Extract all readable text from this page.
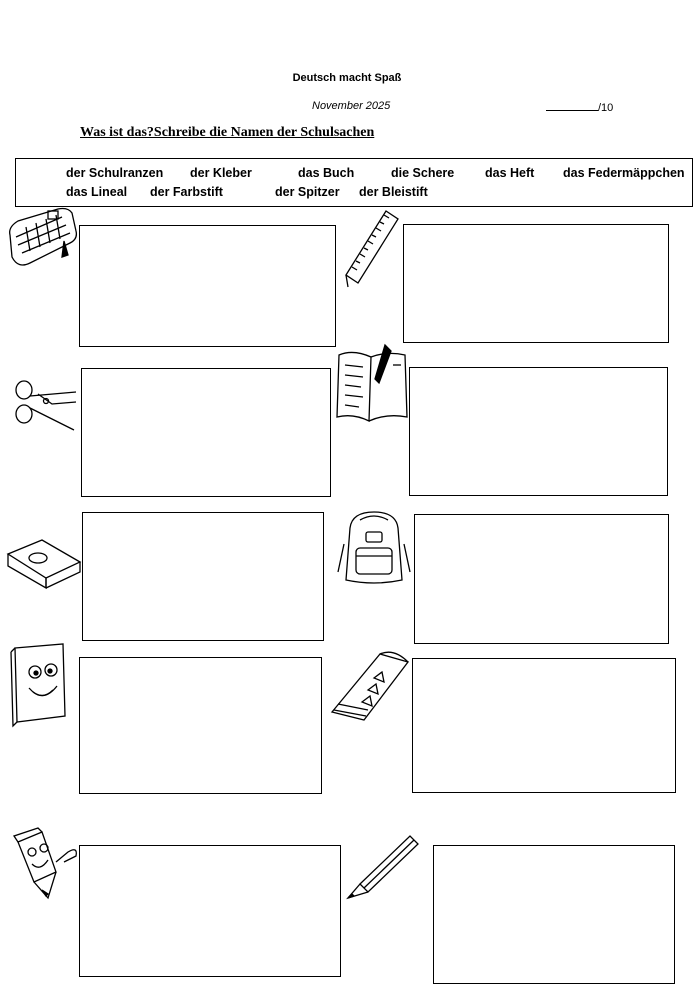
Deutsch macht Spaß
November 2025	/10
Was ist das?Schreibe die Namen der Schulsachen
der Schulranzen der Kleber	das Buch	die Schere das Heft das Federmäppchen
das Lineal der Farbstift	der Spitzer der Bleistift
